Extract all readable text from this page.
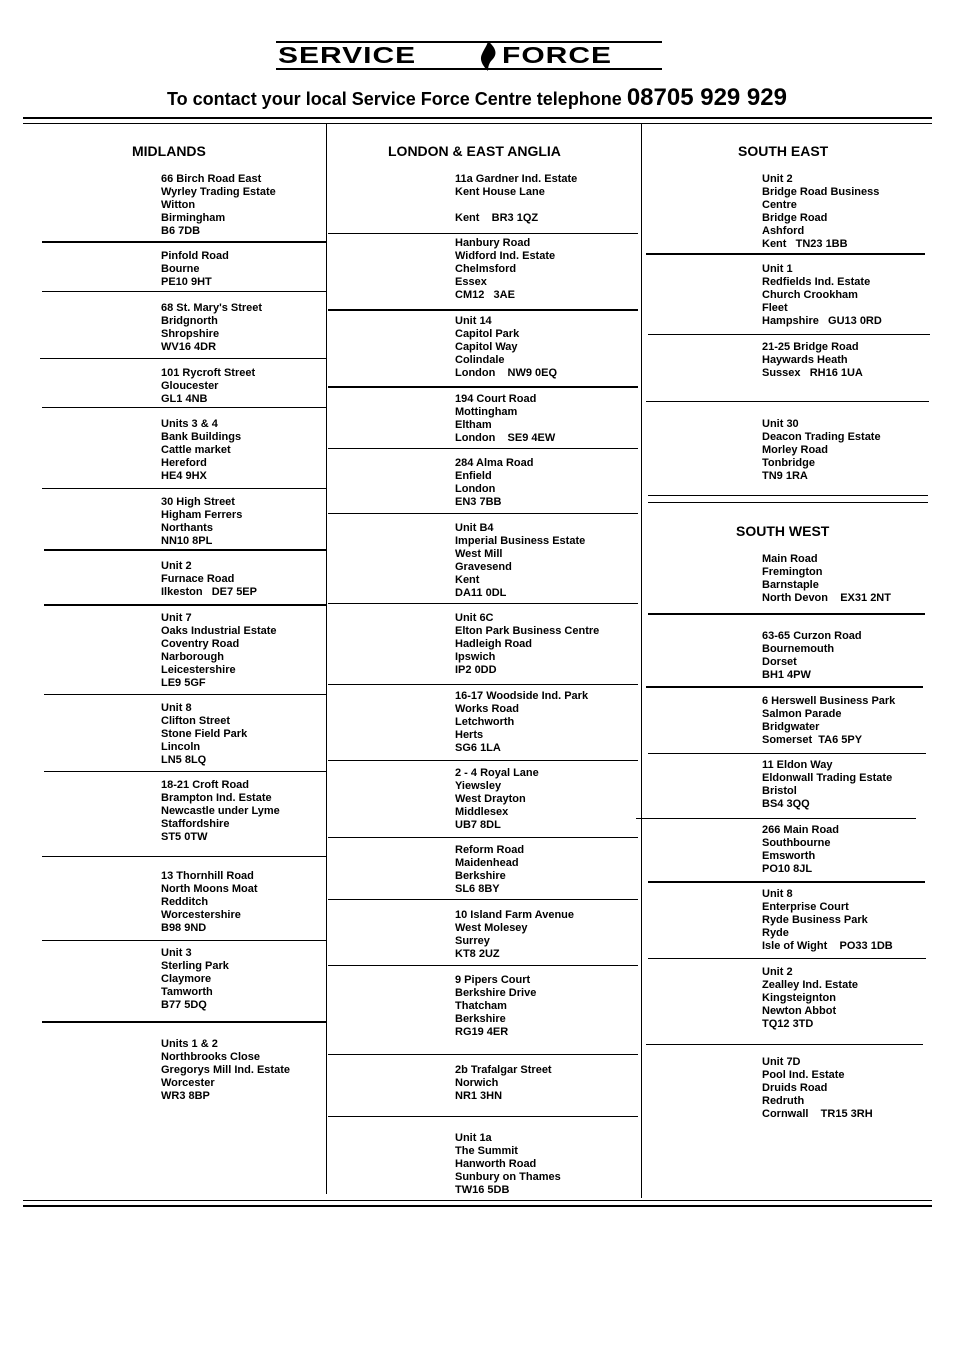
SERVICE	FORCE
To contact your local Service Force Centre telephone 08705 929 929
MIDLANDS
66 Birch Road East
Wyrley Trading Estate
Witton
Birmingham
B6 7DB
Pinfold Road
Bourne
PE10 9HT
68 St. Mary's Street
Bridgnorth
Shropshire
WV16 4DR
101 Rycroft Street
Gloucester
GL1 4NB
Units 3 & 4
Bank Buildings
Cattle market
Hereford
HE4 9HX
30 High Street
Higham Ferrers
Northants
NN10 8PL
Unit 2
Furnace Road
Ilkeston   DE7 5EP
Unit 7
Oaks Industrial Estate
Coventry Road
Narborough
Leicestershire
LE9 5GF
Unit 8
Clifton Street
Stone Field Park
Lincoln
LN5 8LQ
18-21 Croft Road
Brampton Ind. Estate
Newcastle under Lyme
Staffordshire
ST5 0TW
13 Thornhill Road
North Moons Moat
Redditch
Worcestershire
B98 9ND
Unit 3
Sterling Park
Claymore
Tamworth
B77 5DQ
Units 1 & 2
Northbrooks Close
Gregorys Mill Ind. Estate
Worcester
WR3 8BP
LONDON & EAST ANGLIA
11a Gardner Ind. Estate
Kent House Lane

Kent    BR3 1QZ
Hanbury Road
Widford Ind. Estate
Chelmsford
Essex
CM12   3AE
Unit 14
Capitol Park
Capitol Way
Colindale
London    NW9 0EQ
194 Court Road
Mottingham
Eltham
London    SE9 4EW
284 Alma Road
Enfield
London
EN3 7BB
Unit B4
Imperial Business Estate
West Mill
Gravesend
Kent
DA11 0DL
Unit 6C
Elton Park Business Centre
Hadleigh Road
Ipswich
IP2 0DD
16-17 Woodside Ind. Park
Works Road
Letchworth
Herts
SG6 1LA
2 - 4 Royal Lane
Yiewsley
West Drayton
Middlesex
UB7 8DL
Reform Road
Maidenhead
Berkshire
SL6 8BY
10 Island Farm Avenue
West Molesey
Surrey
KT8 2UZ
9 Pipers Court
Berkshire Drive
Thatcham
Berkshire
RG19 4ER
2b Trafalgar Street
Norwich
NR1 3HN
Unit 1a
The Summit
Hanworth Road
Sunbury on Thames
TW16 5DB
SOUTH EAST
Unit 2
Bridge Road Business
Centre
Bridge Road
Ashford
Kent   TN23 1BB
Unit 1
Redfields Ind. Estate
Church Crookham
Fleet
Hampshire   GU13 0RD
21-25 Bridge Road
Haywards Heath
Sussex   RH16 1UA
Unit 30
Deacon Trading Estate
Morley Road
Tonbridge
TN9 1RA
SOUTH WEST
Main Road
Fremington
Barnstaple
North Devon    EX31 2NT
63-65 Curzon Road
Bournemouth
Dorset
BH1 4PW
6 Herswell Business Park
Salmon Parade
Bridgwater
Somerset  TA6 5PY
11 Eldon Way
Eldonwall Trading Estate
Bristol
BS4 3QQ
266 Main Road
Southbourne
Emsworth
PO10 8JL
Unit 8
Enterprise Court
Ryde Business Park
Ryde
Isle of Wight    PO33 1DB
Unit 2
Zealley Ind. Estate
Kingsteignton
Newton Abbot
TQ12 3TD
Unit 7D
Pool Ind. Estate
Druids Road
Redruth
Cornwall    TR15 3RH
